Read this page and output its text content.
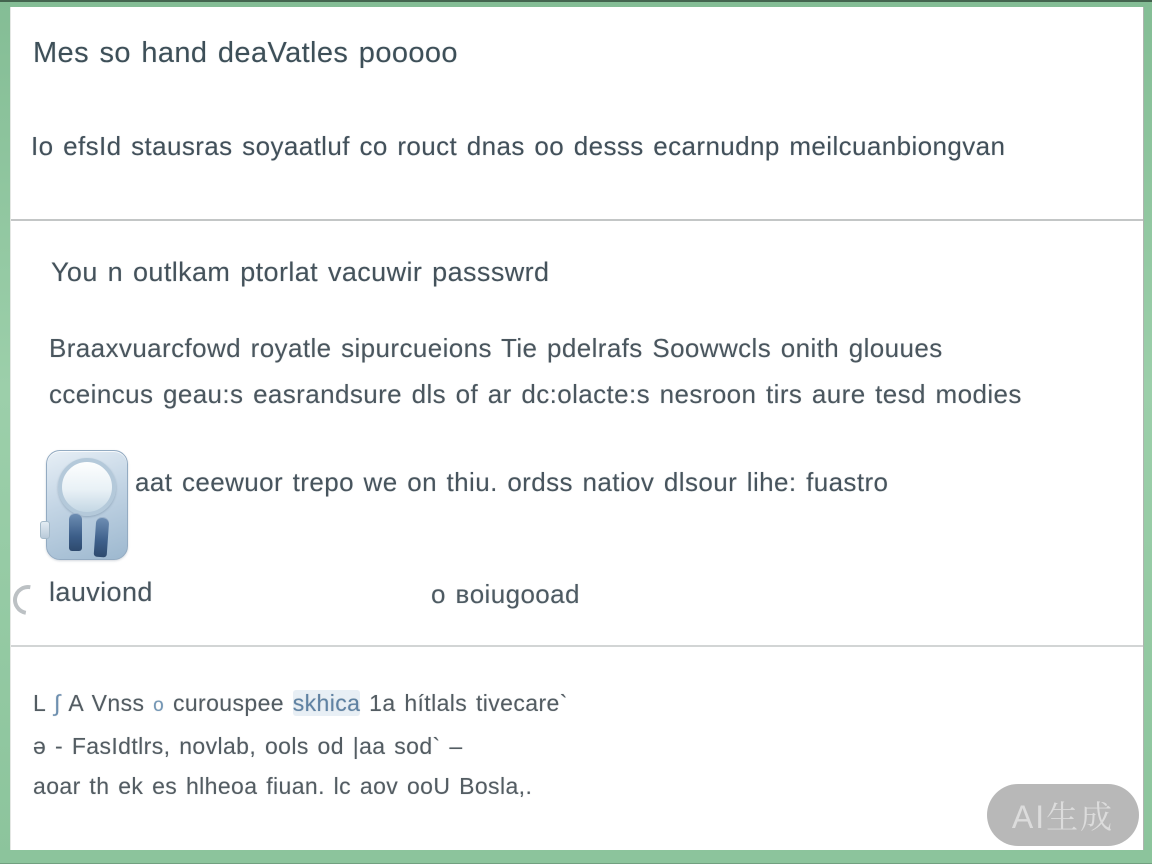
Mes so hand deaVatles pooooo
Io efsId stausras soyaatluf co rouct dnas oo desss ecarnudnp meilcuanbiongvan
You n outlkam ptorlat vacuwir passswrd
Braaxvuarcfowd royatle sipurcueions Tie pdelrafs Soowwcls onith glouues
cceincus geau:s easrandsure dls of ar dc:olacte:s nesroon tirs aure tesd modies
aat ceewuor trepo we on thiu. ordss natiov dlsour lihe: fuastro
lauviond	o ʙoiugooad
L ∫ A Vnss o curouspee skhica 1a hítlals tivecare`
ǝ - FasIdtlrs, novlab, ools od |aa sod` –
aoar th ek es hlheoa fiuan. lc aov ooU Bosla,.
AI生成
